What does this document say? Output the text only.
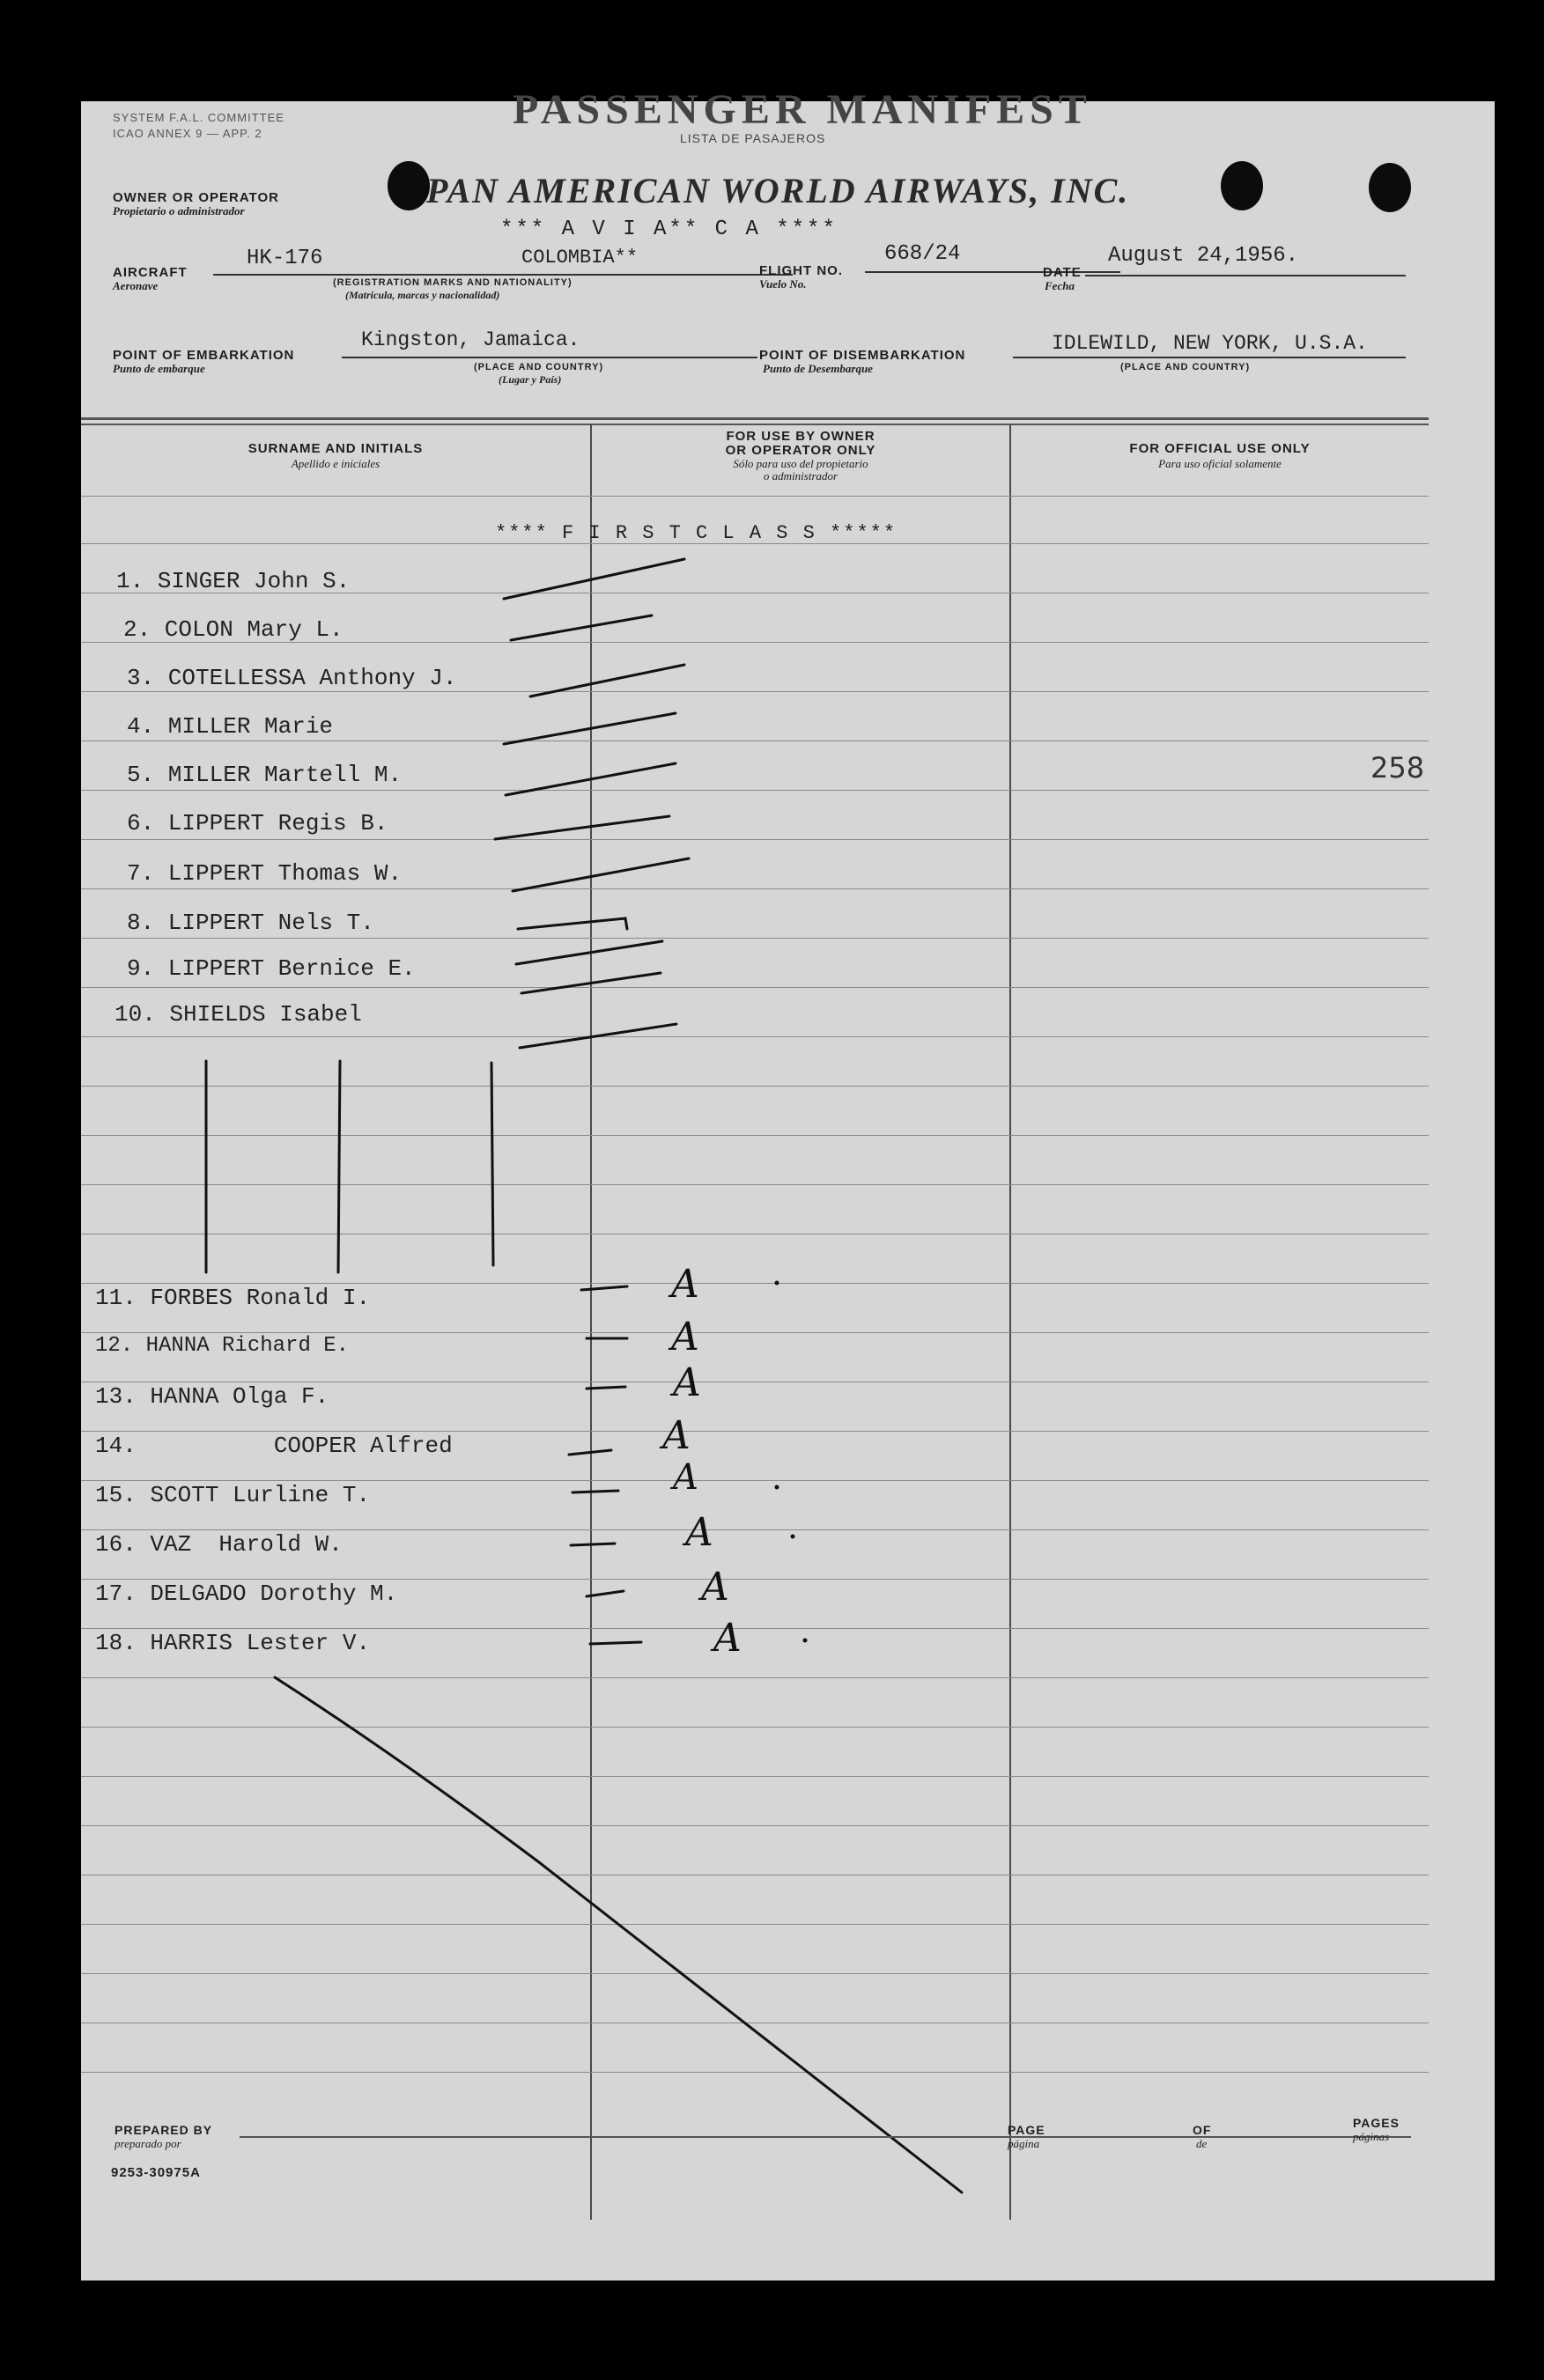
SYSTEM F.A.L. COMMITTEE
ICAO ANNEX 9 — APP. 2
PASSENGER MANIFEST
LISTA DE PASAJEROS
OWNER OR OPERATOR
Propietario o administrador
PAN AMERICAN WORLD AIRWAYS, INC.
*** A V I A** C A ****
AIRCRAFT
Aeronave
HK-176	COLOMBIA**
(REGISTRATION MARKS AND NATIONALITY)
(Matricula, marcas y nacionalidad)
FLIGHT NO.
Vuelo No.
668/24
DATE
Fecha
August 24,1956.
POINT OF EMBARKATION
Punto de embarque
Kingston, Jamaica.
(PLACE AND COUNTRY)
(Lugar y País)
POINT OF DISEMBARKATION
Punto de Desembarque
IDLEWILD, NEW YORK, U.S.A.
(PLACE AND COUNTRY)
SURNAME AND INITIALS
Apellido e iniciales
FOR USE BY OWNER
OR OPERATOR ONLY
Sólo para uso del propietario
o administrador
FOR OFFICIAL USE ONLY
Para uso oficial solamente
**** F I R S T C L A S S *****
1. SINGER John S.
2. COLON Mary L.
3. COTELLESSA Anthony J.
4. MILLER Marie
5. MILLER Martell M.
6. LIPPERT Regis B.
7. LIPPERT Thomas W.
8. LIPPERT Nels T.
9. LIPPERT Bernice E.
10. SHIELDS Isabel
11. FORBES Ronald I.
12. HANNA Richard E.
13. HANNA Olga F.
14.          COOPER Alfred
15. SCOTT Lurline T.
16. VAZ  Harold W.
17. DELGADO Dorothy M.
18. HARRIS Lester V.
A
A
A
A
A
A
A
A
258
PREPARED BY
preparado por
PAGE
página
OF
de
PAGES
páginas
9253-30975A
